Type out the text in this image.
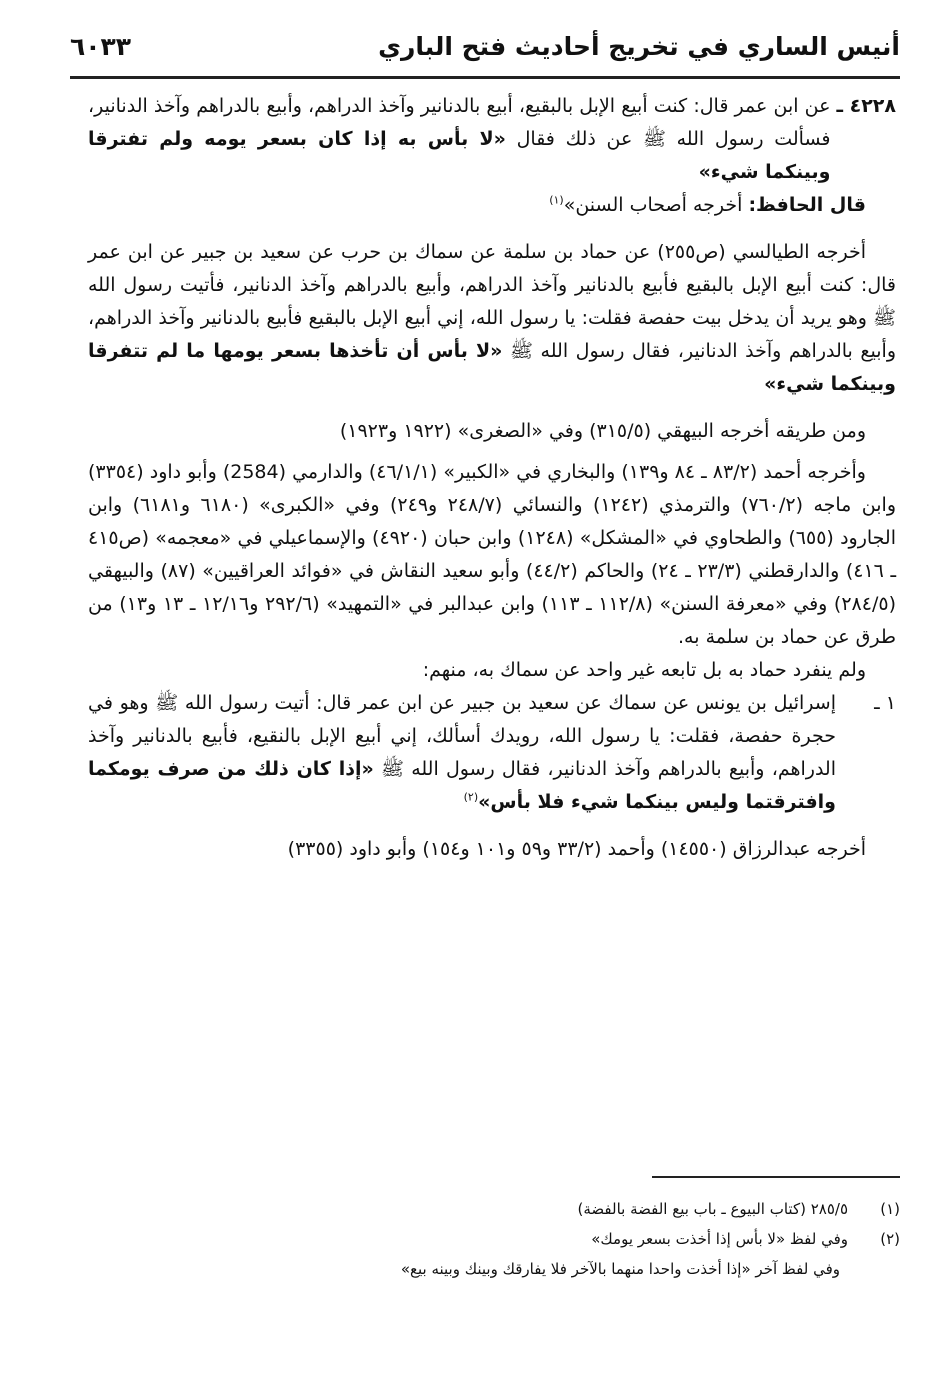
أنيس الساري في تخريج أحاديث فتح الباري
٦٠٣٣
٤٢٢٨ ـ

عن ابن عمر قال: كنت أبيع الإبل بالبقيع، أبيع بالدنانير وآخذ الدراهم، وأبيع بالدراهم وآخذ الدنانير، فسألت رسول الله ﷺ عن ذلك فقال «لا بأس به إذا كان بسعر يومه ولم تفترقا وبينكما شيء»

قال الحافظ: أخرجه أصحاب السنن»$^{(١)}$

أخرجه الطيالسي (ص٢٥٥) عن حماد بن سلمة عن سماك بن حرب عن سعيد بن جبير عن ابن عمر قال: كنت أبيع الإبل بالبقيع فأبيع بالدنانير وآخذ الدراهم، وأبيع بالدراهم وآخذ الدنانير، فأتيت رسول الله ﷺ وهو يريد أن يدخل بيت حفصة فقلت: يا رسول الله، إني أبيع الإبل بالبقيع فأبيع بالدنانير وآخذ الدراهم، وأبيع بالدراهم وآخذ الدنانير، فقال رسول الله ﷺ «لا بأس أن تأخذها بسعر يومها ما لم تتفرقا وبينكما شيء»

ومن طريقه أخرجه البيهقي (٣١٥/٥) وفي «الصغرى» (١٩٢٢ و١٩٢٣)

وأخرجه أحمد (٨٣/٢ ـ ٨٤ و١٣٩) والبخاري في «الكبير» (٤٦/١/١) والدارمي (2584) وأبو داود (٣٣٥٤) وابن ماجه (٧٦٠/٢) والترمذي (١٢٤٢) والنسائي (٢٤٨/٧ و٢٤٩) وفي «الكبرى» (٦١٨٠ و٦١٨١) وابن الجارود (٦٥٥) والطحاوي في «المشكل» (١٢٤٨) وابن حبان (٤٩٢٠) والإسماعيلي في «معجمه» (ص٤١٥ ـ ٤١٦) والدارقطني (٢٣/٣ ـ ٢٤) والحاكم (٤٤/٢) وأبو سعيد النقاش في «فوائد العراقيين» (٨٧) والبيهقي (٢٨٤/٥) وفي «معرفة السنن» (١١٢/٨ ـ ١١٣) وابن عبدالبر في «التمهيد» (٢٩٢/٦ و١٢/١٦ ـ ١٣ و١٣) من طرق عن حماد بن سلمة به.

ولم ينفرد حماد به بل تابعه غير واحد عن سماك به، منهم:

١ ـ

إسرائيل بن يونس عن سماك عن سعيد بن جبير عن ابن عمر قال: أتيت رسول الله ﷺ وهو في حجرة حفصة، فقلت: يا رسول الله، رويدك أسألك، إني أبيع الإبل بالنقيع، فأبيع بالدنانير وآخذ الدراهم، وأبيع بالدراهم وآخذ الدنانير، فقال رسول الله ﷺ «إذا كان ذلك من صرف يومكما وافترقتما وليس بينكما شيء فلا بأس»$^{(٢)}$

أخرجه عبدالرزاق (١٤٥٥٠) وأحمد (٣٣/٢ و٥٩ و١٠١ و١٥٤) وأبو داود (٣٣٥٥)

(١)
٢٨٥/٥ (كتاب البيوع ـ باب بيع الفضة بالفضة)
(٢)
وفي لفظ «لا بأس إذا أخذت بسعر يومك»
وفي لفظ آخر «إذا أخذت واحدا منهما بالآخر فلا يفارقك وبينك وبينه بيع»
